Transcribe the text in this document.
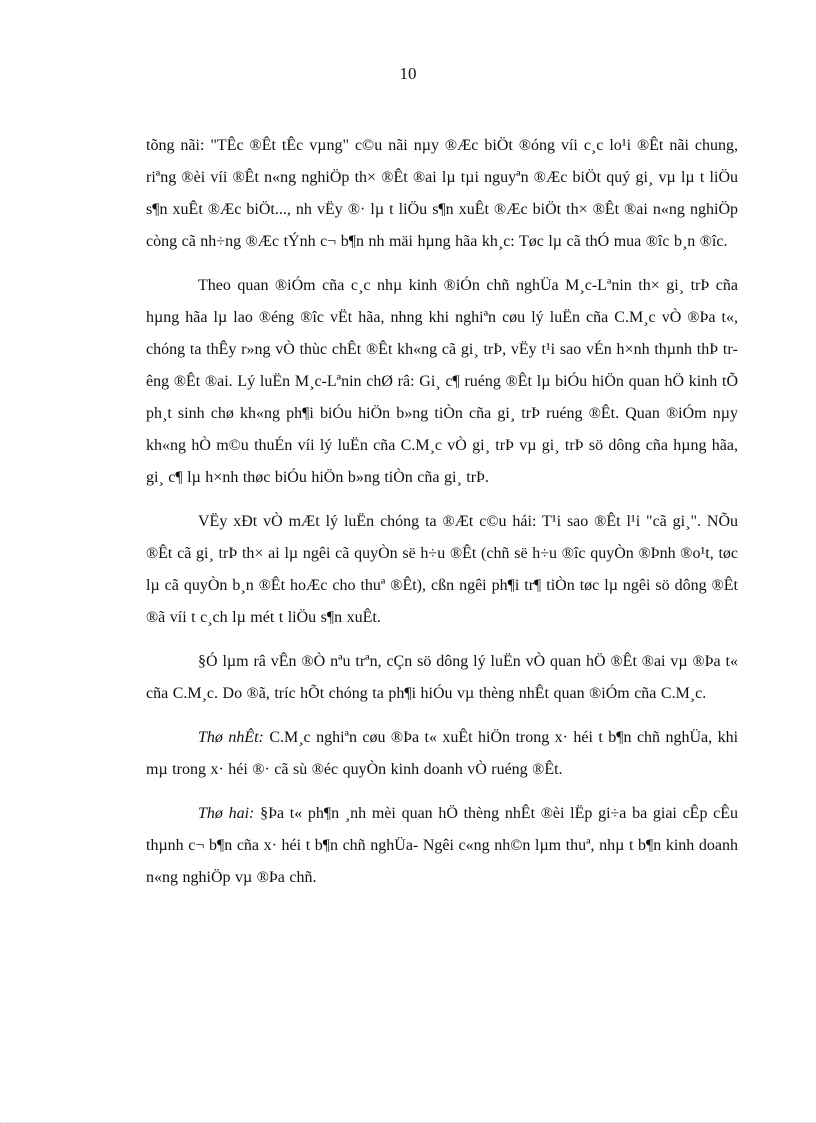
10

tõng nãi: "TÊc ®Êt tÊc vµng" c©u nãi nµy ®Æc biÖt ®óng víi c¸c lo¹i ®Êt nãi chung, riªng ®èi víi ®Êt n«ng nghiÖp th× ®Êt ®ai lµ tµi nguyªn ®Æc biÖt quý gi¸ vµ lµ t liÖu s¶n xuÊt ®Æc biÖt..., nh vËy ®· lµ t liÖu s¶n xuÊt ®Æc biÖt th× ®Êt ®ai n«ng nghiÖp còng cã nh÷ng ®Æc tÝnh c¬ b¶n nh mäi hµng hãa kh¸c: Tøc lµ cã thÓ mua ®îc b¸n ®îc.

Theo quan ®iÓm cña c¸c nhµ kinh ®iÓn chñ nghÜa M¸c-Lªnin th× gi¸ trÞ cña hµng hãa lµ lao ®éng ®îc vËt hãa, nhng khi nghiªn cøu lý luËn cña C.M¸c vÒ ®Þa t«, chóng ta thÊy r»ng vÒ thùc chÊt ®Êt kh«ng cã gi¸ trÞ, vËy t¹i sao vÉn h×nh thµnh thÞ trêng ®Êt ®ai. Lý luËn M¸c-Lªnin chØ râ: Gi¸ c¶ ruéng ®Êt lµ biÓu hiÖn quan hÖ kinh tÕ ph¸t sinh chø kh«ng ph¶i biÓu hiÖn b»ng tiÒn cña gi¸ trÞ ruéng ®Êt. Quan ®iÓm nµy kh«ng hÒ m©u thuÉn víi lý luËn cña C.M¸c vÒ gi¸ trÞ vµ gi¸ trÞ sö dông cña hµng hãa, gi¸ c¶ lµ h×nh thøc biÓu hiÖn b»ng tiÒn cña gi¸ trÞ.

VËy xÐt vÒ mÆt lý luËn chóng ta ®Æt c©u hái: T¹i sao ®Êt l¹i "cã gi¸". NÕu ®Êt cã gi¸ trÞ th× ai lµ ngêi cã quyÒn së h÷u ®Êt (chñ së h÷u ®îc quyÒn ®Þnh ®o¹t, tøc lµ cã quyÒn b¸n ®Êt hoÆc cho thuª ®Êt), cßn ngêi ph¶i tr¶ tiÒn tøc lµ ngêi sö dông ®Êt ®ã víi t c¸ch lµ mét t liÖu s¶n xuÊt.

§Ó lµm râ vÊn ®Ò nªu trªn, cÇn sö dông lý luËn vÒ quan hÖ ®Êt ®ai vµ ®Þa t« cña C.M¸c. Do ®ã, tríc hÕt chóng ta ph¶i hiÓu vµ thèng nhÊt quan ®iÓm cña C.M¸c.

Thø nhÊt: C.M¸c nghiªn cøu ®Þa t« xuÊt hiÖn trong x· héi t b¶n chñ nghÜa, khi mµ trong x· héi ®· cã sù ®éc quyÒn kinh doanh vÒ ruéng ®Êt.

Thø hai: §Þa t« ph¶n ¸nh mèi quan hÖ thèng nhÊt ®èi lËp gi÷a ba giai cÊp cÊu thµnh c¬ b¶n cña x· héi t b¶n chñ nghÜa- Ngêi c«ng nh©n lµm thuª, nhµ t b¶n kinh doanh n«ng nghiÖp vµ ®Þa chñ.
